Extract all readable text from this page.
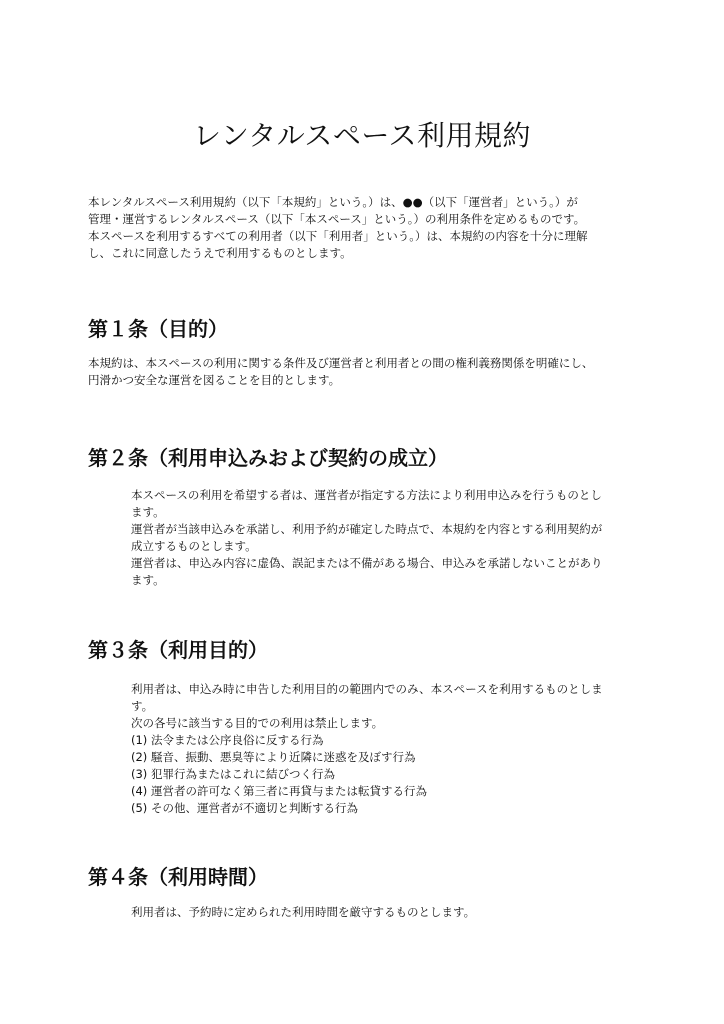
レンタルスペース利用規約
本レンタルスペース利用規約（以下「本規約」という。）は、●●（以下「運営者」という。）が
管理・運営するレンタルスペース（以下「本スペース」という。）の利用条件を定めるものです。
本スペースを利用するすべての利用者（以下「利用者」という。）は、本規約の内容を十分に理解
し、これに同意したうえで利用するものとします。
第１条（目的）
本規約は、本スペースの利用に関する条件及び運営者と利用者との間の権利義務関係を明確にし、
円滑かつ安全な運営を図ることを目的とします。
第２条（利用申込みおよび契約の成立）
本スペースの利用を希望する者は、運営者が指定する方法により利用申込みを行うものとし
ます。
運営者が当該申込みを承諾し、利用予約が確定した時点で、本規約を内容とする利用契約が
成立するものとします。
運営者は、申込み内容に虚偽、誤記または不備がある場合、申込みを承諾しないことがあり
ます。
第３条（利用目的）
利用者は、申込み時に申告した利用目的の範囲内でのみ、本スペースを利用するものとしま
す。
次の各号に該当する目的での利用は禁止します。
(1) 法令または公序良俗に反する行為
(2) 騒音、振動、悪臭等により近隣に迷惑を及ぼす行為
(3) 犯罪行為またはこれに結びつく行為
(4) 運営者の許可なく第三者に再貸与または転貸する行為
(5) その他、運営者が不適切と判断する行為
第４条（利用時間）
利用者は、予約時に定められた利用時間を厳守するものとします。
